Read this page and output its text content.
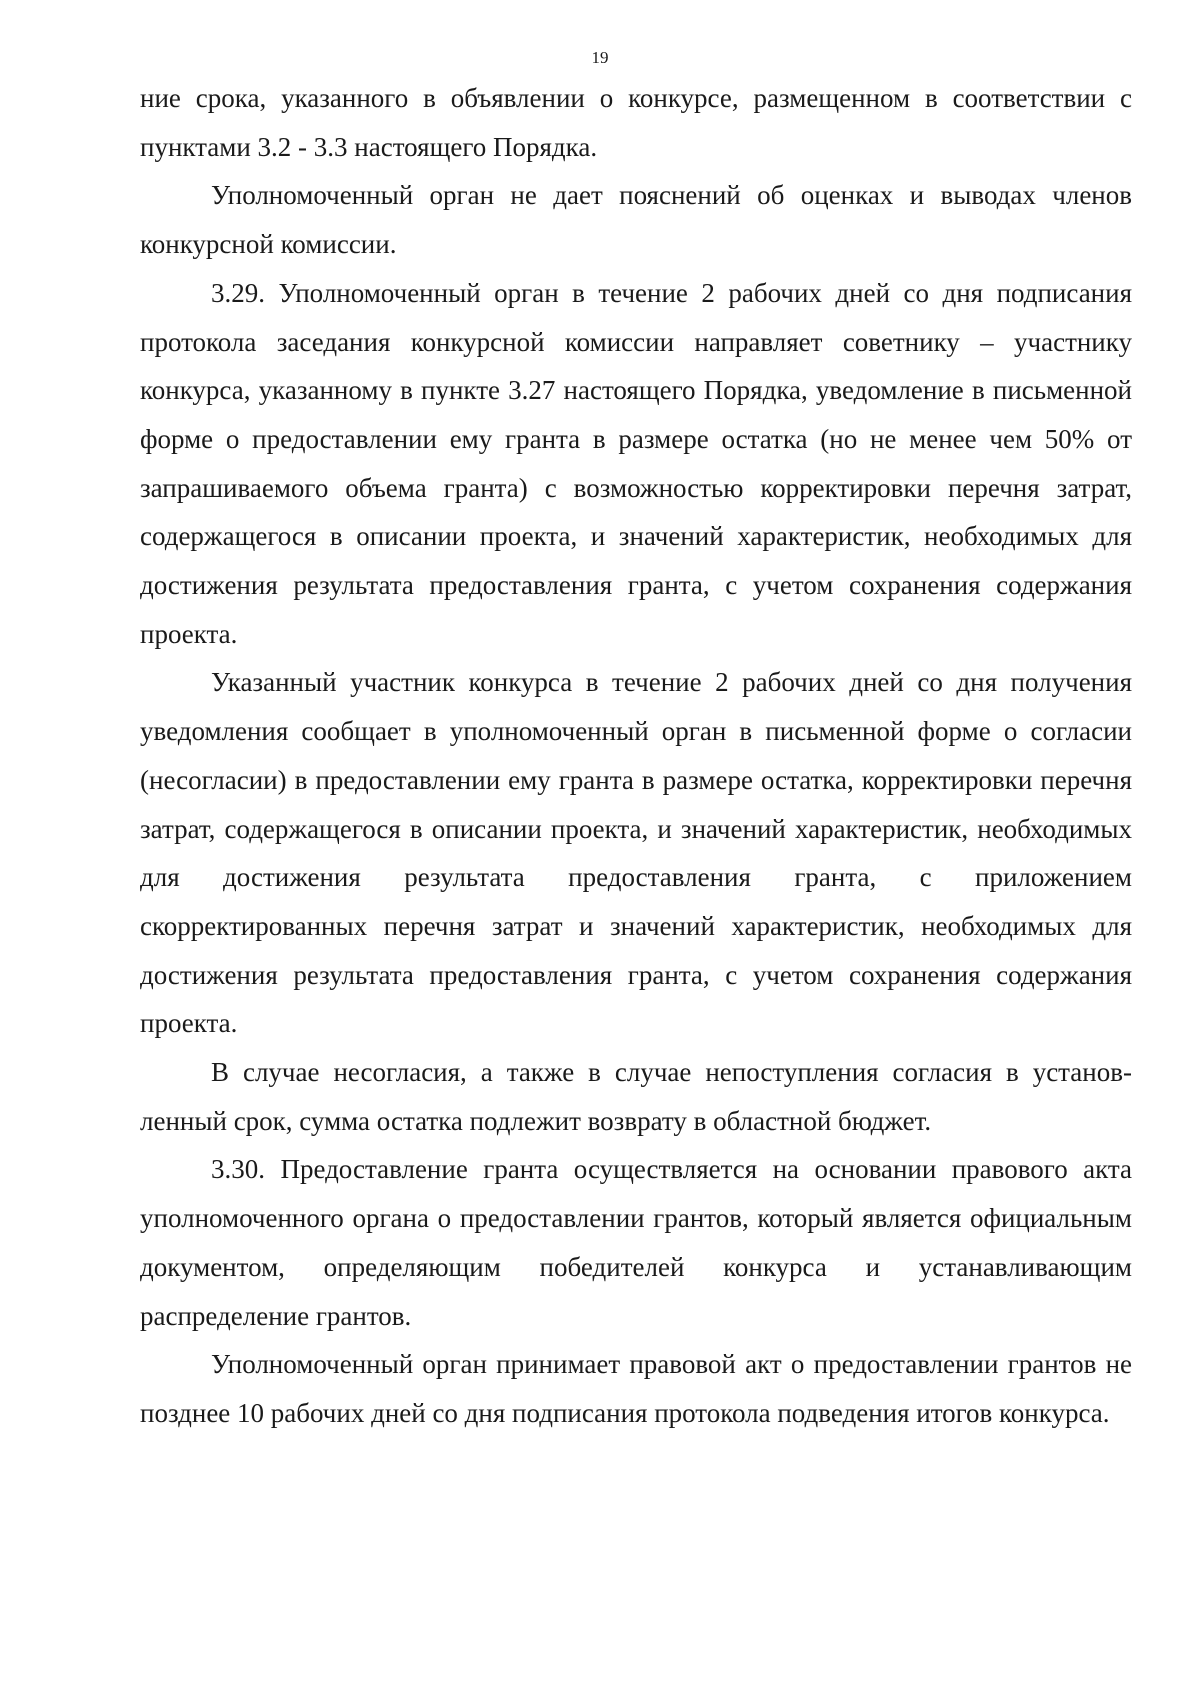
19

ние срока, указанного в объявлении о конкурсе, размещенном в соответствии с пунктами 3.2 - 3.3 настоящего Порядка.

Уполномоченный орган не дает пояснений об оценках и выводах членов конкурсной комиссии.

3.29. Уполномоченный орган в течение 2 рабочих дней со дня подписания протокола заседания конкурсной комиссии направляет советнику – участнику конкурса, указанному в пункте 3.27 настоящего Порядка, уведомление в письменной форме о предоставлении ему гранта в размере остатка (но не менее чем 50% от запрашиваемого объема гранта) с возможностью корректировки перечня затрат, содержащегося в описании проекта, и значений характеристик, необходимых для достижения результата предоставления гранта, с учетом сохранения содержания проекта.

Указанный участник конкурса в течение 2 рабочих дней со дня получения уведомления сообщает в уполномоченный орган в письменной форме о согласии (несогласии) в предоставлении ему гранта в размере остатка, корректировки перечня затрат, содержащегося в описании проекта, и значений характеристик, необходимых для достижения результата предоставления гранта, с приложением скорректированных перечня затрат и значений характеристик, необходимых для достижения результата предоставления гранта, с учетом сохранения содержания проекта.

В случае несогласия, а также в случае непоступления согласия в установленный срок, сумма остатка подлежит возврату в областной бюджет.

3.30. Предоставление гранта осуществляется на основании правового акта уполномоченного органа о предоставлении грантов, который является официальным документом, определяющим победителей конкурса и устанавливающим распределение грантов.

Уполномоченный орган принимает правовой акт о предоставлении грантов не позднее 10 рабочих дней со дня подписания протокола подведения итогов конкурса.
